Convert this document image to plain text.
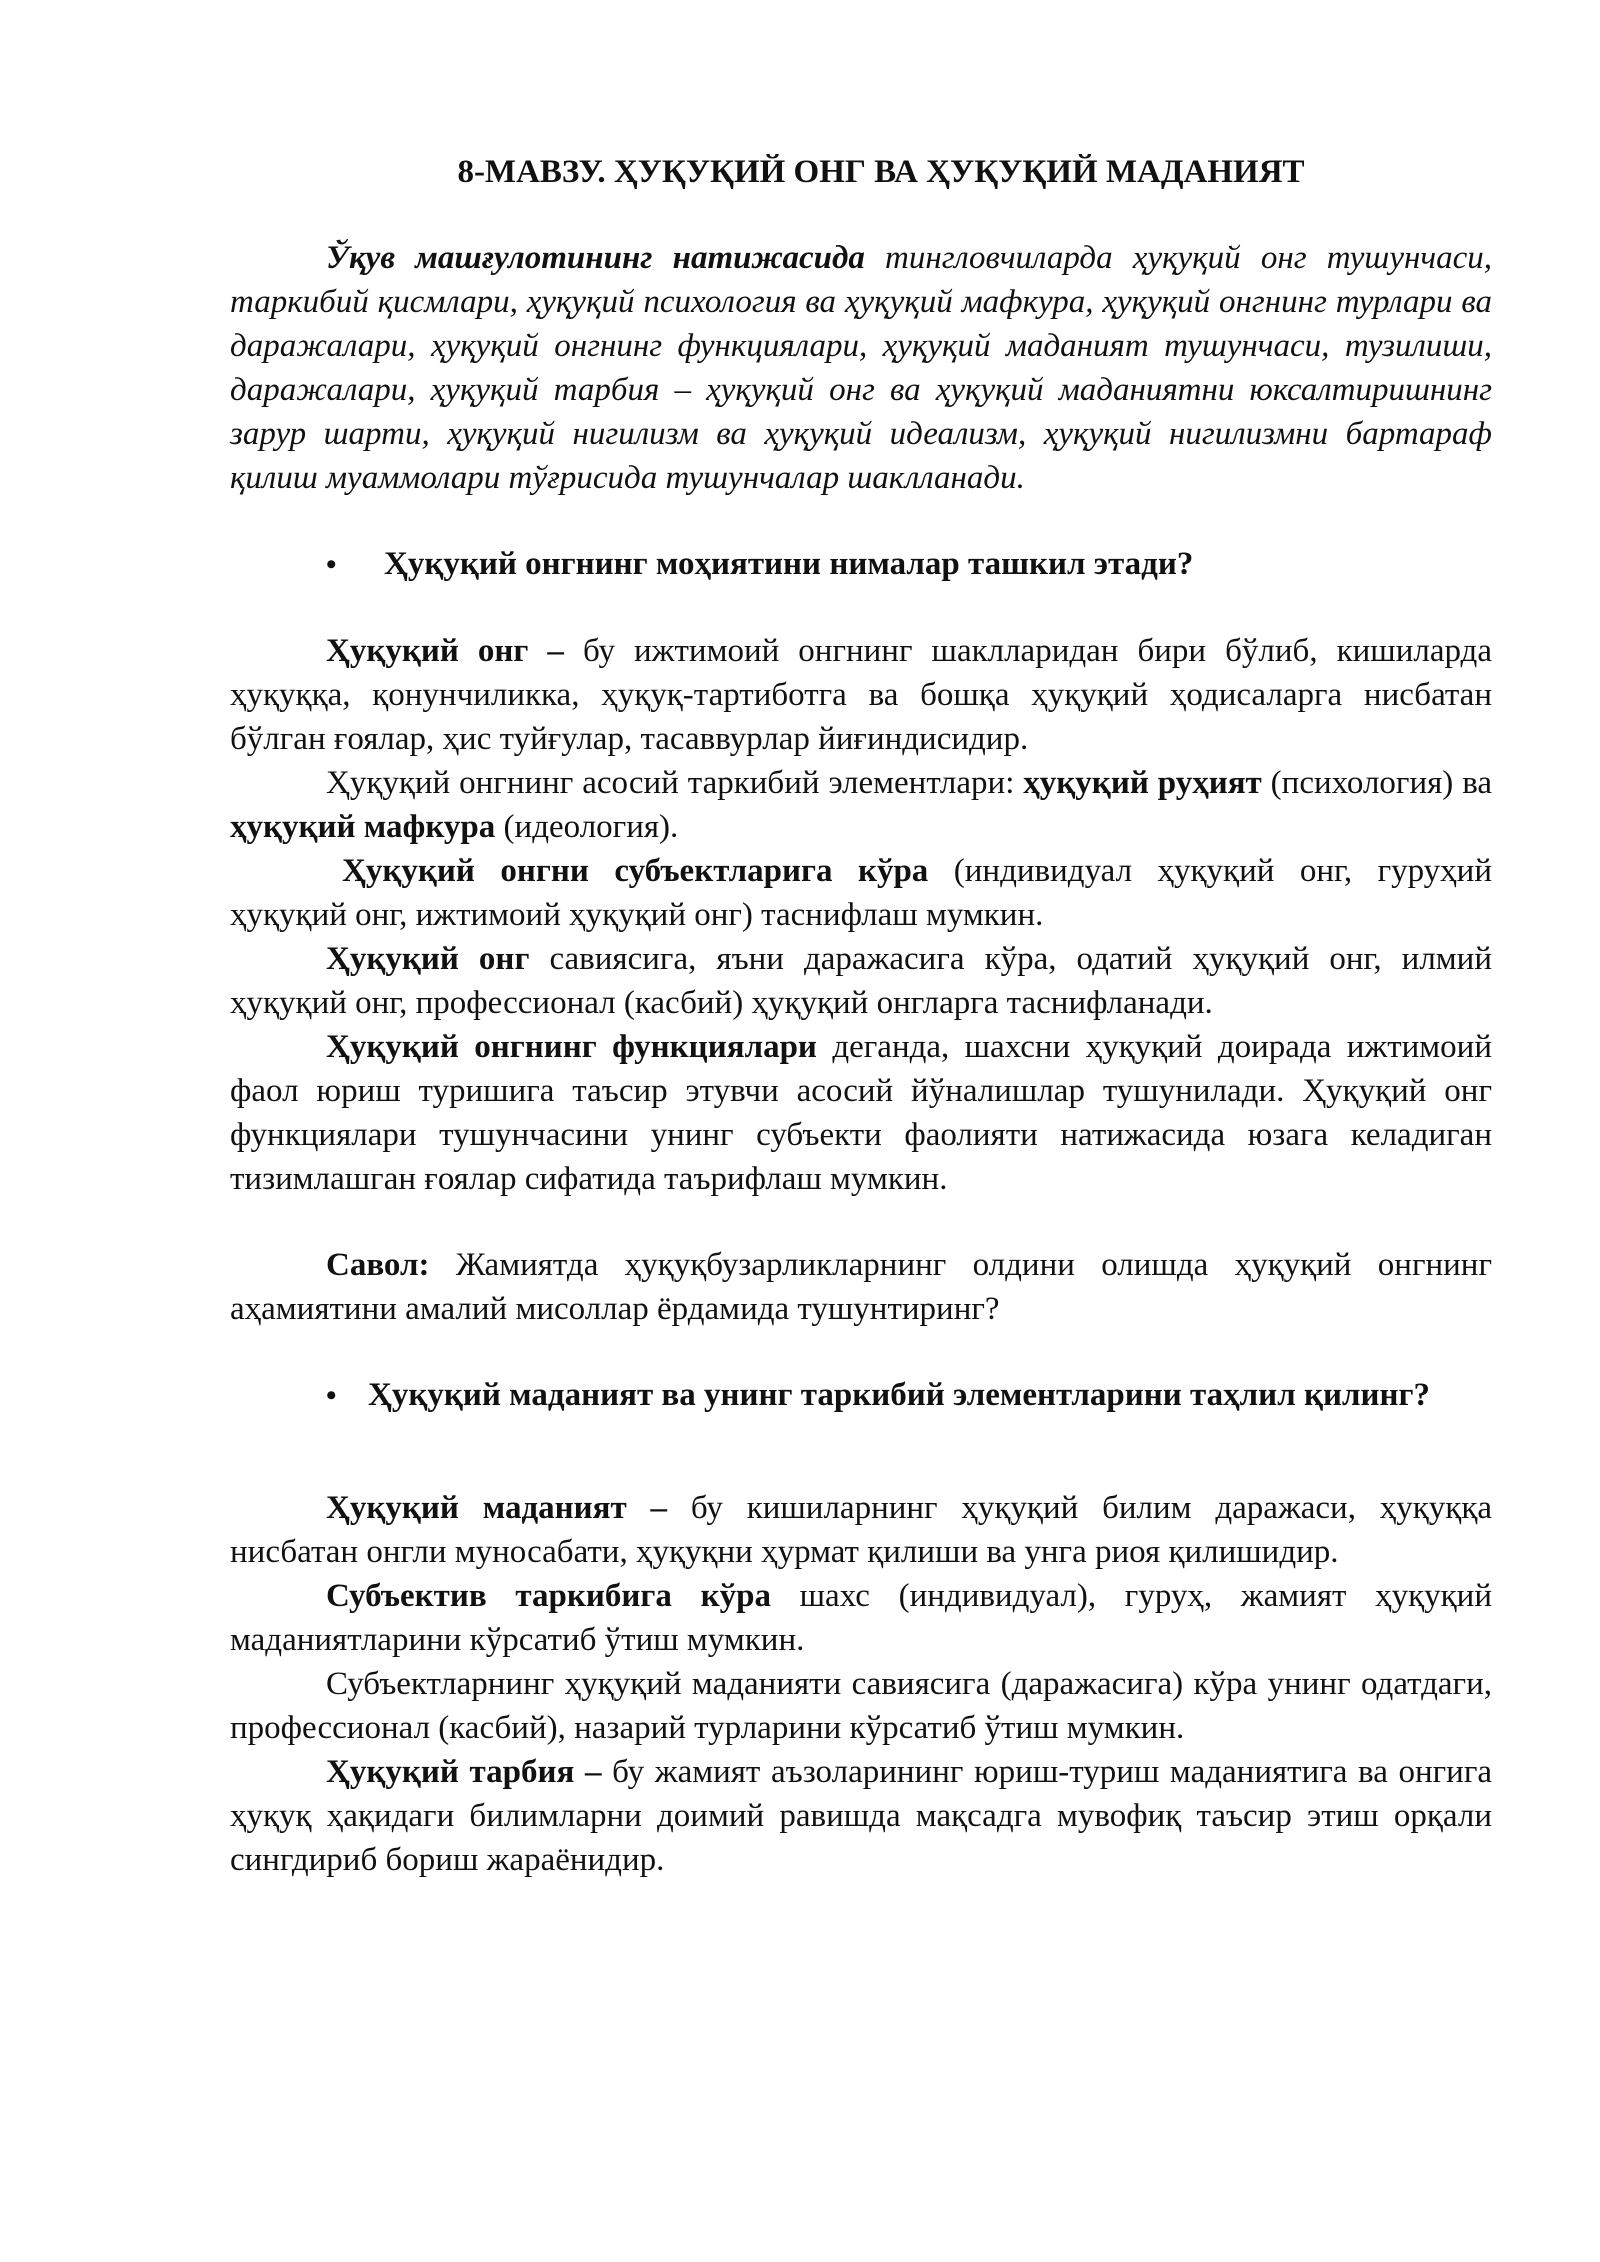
8-МАВЗУ. ҲУҚУҚИЙ ОНГ ВА ҲУҚУҚИЙ МАДАНИЯТ

Ўқув машғулотининг натижасида тингловчиларда ҳуқуқий онг тушунчаси, таркибий қисмлари, ҳуқуқий психология ва ҳуқуқий мафкура, ҳуқуқий онгнинг турлари ва даражалари, ҳуқуқий онгнинг функциялари, ҳуқуқий маданият тушунчаси, тузилиши, даражалари, ҳуқуқий тарбия – ҳуқуқий онг ва ҳуқуқий маданиятни юксалтиришнинг зарур шарти, ҳуқуқий нигилизм ва ҳуқуқий идеализм, ҳуқуқий нигилизмни бартараф қилиш муаммолари тўғрисида тушунчалар шаклланади.

• Ҳуқуқий онгнинг моҳиятини нималар ташкил этади?

Ҳуқуқий онг – бу ижтимоий онгнинг шаклларидан бири бўлиб, кишиларда ҳуқуққа, қонунчиликка, ҳуқуқ-тартиботга ва бошқа ҳуқуқий ҳодисаларга нисбатан бўлган ғоялар, ҳис туйғулар, тасаввурлар йиғиндисидир.

Ҳуқуқий онгнинг асосий таркибий элементлари: ҳуқуқий руҳият (психология) ва ҳуқуқий мафкура (идеология).

Ҳуқуқий онгни субъектларига кўра (индивидуал ҳуқуқий онг, гуруҳий ҳуқуқий онг, ижтимоий ҳуқуқий онг) таснифлаш мумкин.

Ҳуқуқий онг савиясига, яъни даражасига кўра, одатий ҳуқуқий онг, илмий ҳуқуқий онг, профессионал (касбий) ҳуқуқий онгларга таснифланади.

Ҳуқуқий онгнинг функциялари деганда, шахсни ҳуқуқий доирада ижтимоий фаол юриш туришига таъсир этувчи асосий йўналишлар тушунилади. Ҳуқуқий онг функциялари тушунчасини унинг субъекти фаолияти натижасида юзага келадиган тизимлашган ғоялар сифатида таърифлаш мумкин.

Савол: Жамиятда ҳуқуқбузарликларнинг олдини олишда ҳуқуқий онгнинг аҳамиятини амалий мисоллар ёрдамида тушунтиринг?

• Ҳуқуқий маданият ва унинг таркибий элементларини таҳлил қилинг?

Ҳуқуқий маданият – бу кишиларнинг ҳуқуқий билим даражаси, ҳуқуққа нисбатан онгли муносабати, ҳуқуқни ҳурмат қилиши ва унга риоя қилишидир.

Субъектив таркибига кўра шахс (индивидуал), гуруҳ, жамият ҳуқуқий маданиятларини кўрсатиб ўтиш мумкин.

Субъектларнинг ҳуқуқий маданияти савиясига (даражасига) кўра унинг одатдаги, профессионал (касбий), назарий турларини кўрсатиб ўтиш мумкин.

Ҳуқуқий тарбия – бу жамият аъзоларининг юриш-туриш маданиятига ва онгига ҳуқуқ ҳақидаги билимларни доимий равишда мақсадга мувофиқ таъсир этиш орқали сингдириб бориш жараёнидир.
